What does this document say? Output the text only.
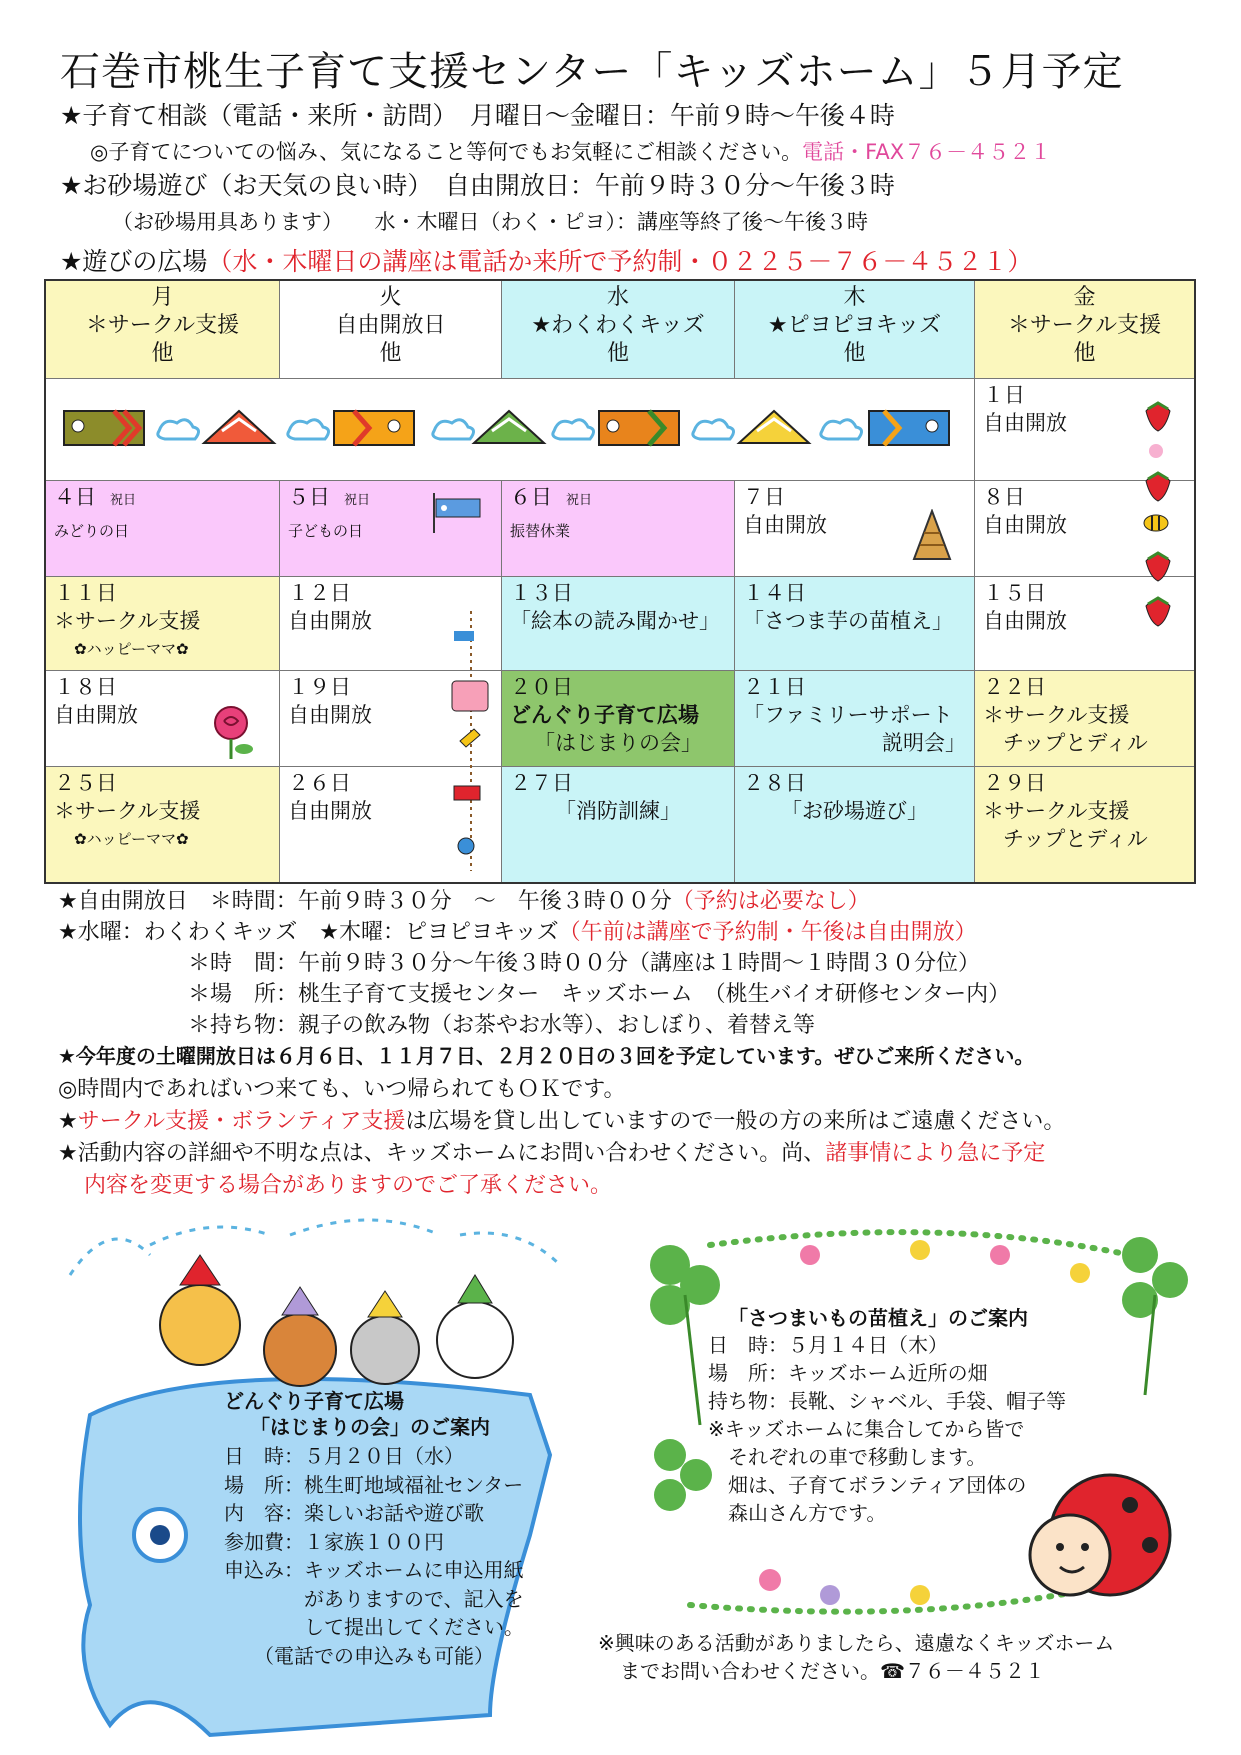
石巻市桃生子育て支援センター「キッズホーム」５月予定
★子育て相談（電話・来所・訪問）　月曜日～金曜日：午前９時～午後４時
◎子育てについての悩み、気になること等何でもお気軽にご相談ください。電話・FAX７６－４５２１
★お砂場遊び（お天気の良い時）　自由開放日：午前９時３０分～午後３時
（お砂場用具あります）　　水・木曜日（わく・ピヨ）：講座等終了後～午後３時
★遊びの広場（水・木曜日の講座は電話か来所で予約制・０２２５－７６－４５２１）
月
＊サークル支援
他
火
自由開放日
他
水
★わくわくキッズ
他
木
★ピヨピヨキッズ
他
金
＊サークル支援
他
１日
自由開放
４日 祝日
みどりの日
５日 祝日
子どもの日
６日 祝日
振替休業
７日
自由開放
８日
自由開放
１１日
＊サークル支援

✿ハッピーママ✿
１２日
自由開放
１３日
「絵本の読み聞かせ」
１４日
「さつま芋の苗植え」
１５日
自由開放
１８日
自由開放
１９日
自由開放
２０日
どんぐり子育て広場

「はじまりの会」
２１日
「ファミリーサポート

説明会」
２２日
＊サークル支援

チップとディル
２５日
＊サークル支援

✿ハッピーママ✿
２６日
自由開放
２７日

「消防訓練」
２８日

「お砂場遊び」
２９日
＊サークル支援

チップとディル
★自由開放日　＊時間：午前９時３０分　～　午後３時００分（予約は必要なし）
★水曜：わくわくキッズ　★木曜：ピヨピヨキッズ（午前は講座で予約制・午後は自由開放）
＊時　間：午前９時３０分～午後３時００分（講座は１時間～１時間３０分位）
＊場　所：桃生子育て支援センター　キッズホーム　（桃生バイオ研修センター内）
＊持ち物：親子の飲み物（お茶やお水等）、おしぼり、着替え等
★今年度の土曜開放日は６月６日、１１月７日、２月２０日の３回を予定しています。ぜひご来所ください。
◎時間内であればいつ来ても、いつ帰られてもＯＫです。
★サークル支援・ボランティア支援は広場を貸し出していますので一般の方の来所はご遠慮ください。
★活動内容の詳細や不明な点は、キッズホームにお問い合わせください。尚、諸事情により急に予定
内容を変更する場合がありますのでご了承ください。
どんぐり子育て広場
「はじまりの会」のご案内
日　時：５月２０日（水）
場　所：桃生町地域福祉センター
内　容：楽しいお話や遊び歌
参加費：１家族１００円
申込み：キッズホームに申込用紙
　　　　がありますので、記入を
　　　　して提出してください。
（電話での申込みも可能）
「さつまいもの苗植え」のご案内
日　時：５月１４日（木）
場　所：キッズホーム近所の畑
持ち物：長靴、シャベル、手袋、帽子等
※キッズホームに集合してから皆で
　それぞれの車で移動します。
　畑は、子育てボランティア団体の
　森山さん方です。
※興味のある活動がありましたら、遠慮なくキッズホーム
までお問い合わせください。☎７６－４５２１
